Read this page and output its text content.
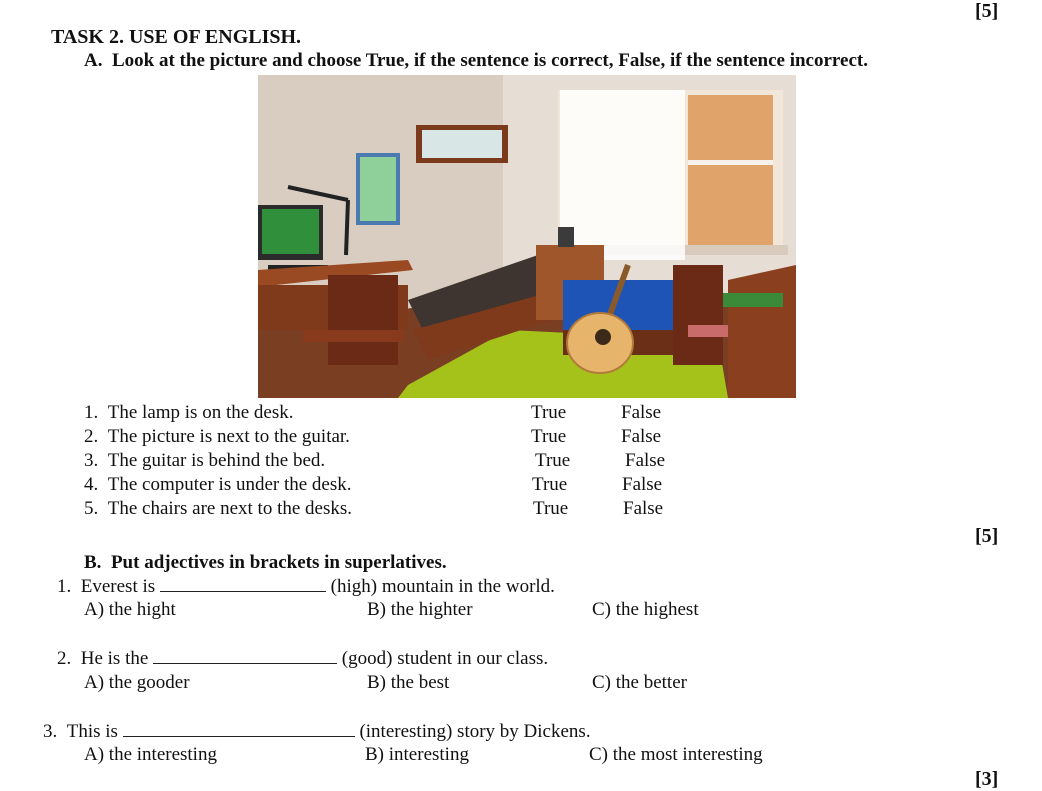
[5]
[5]
[3]
TASK 2. USE OF ENGLISH.
A. Look at the picture and choose True, if the sentence is correct, False, if the sentence incorrect.
1. The lamp is on the desk.	True	False
2. The picture is next to the guitar.	True	False
3. The guitar is behind the bed.	True	False
4. The computer is under the desk.	True	False
5. The chairs are next to the desks.	True	False
B. Put adjectives in brackets in superlatives.
1. Everest is	(high) mountain in the world.
A) the hight	B) the highter	C) the highest
2. He is the	(good) student in our class.
A) the gooder	B) the best	C) the better
3. This is	(interesting) story by Dickens.
A) the interesting	B) interesting	C) the most interesting
